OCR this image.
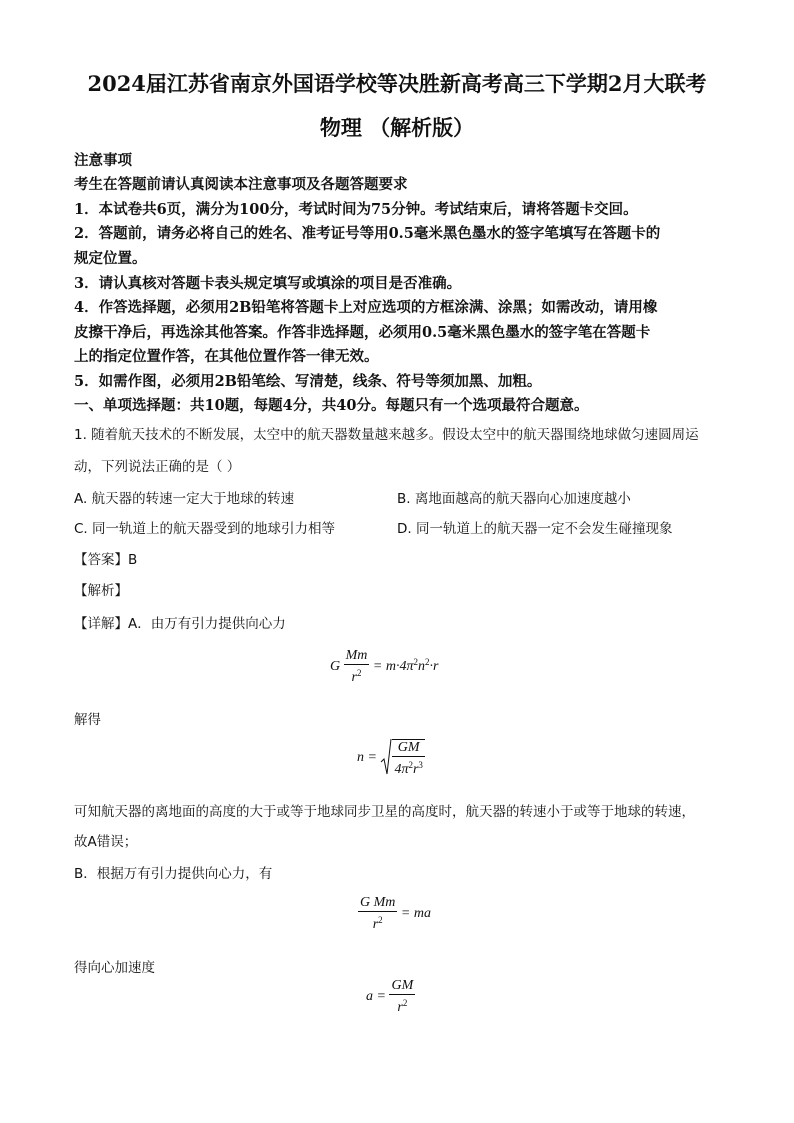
2024届江苏省南京外国语学校等决胜新高考高三下学期2月大联考
物理 （解析版）
注意事项
考生在答题前请认真阅读本注意事项及各题答题要求
1．本试卷共6页，满分为100分，考试时间为75分钟。考试结束后，请将答题卡交回。
2．答题前，请务必将自己的姓名、准考证号等用0.5毫米黑色墨水的签字笔填写在答题卡的
规定位置。
3．请认真核对答题卡表头规定填写或填涂的项目是否准确。
4．作答选择题，必须用2B铅笔将答题卡上对应选项的方框涂满、涂黑；如需改动，请用橡
皮擦干净后，再选涂其他答案。作答非选择题，必须用0.5毫米黑色墨水的签字笔在答题卡
上的指定位置作答，在其他位置作答一律无效。
5．如需作图，必须用2B铅笔绘、写清楚，线条、符号等须加黑、加粗。
一、单项选择题：共10题，每题4分，共40分。每题只有一个选项最符合题意。
1. 随着航天技术的不断发展，太空中的航天器数量越来越多。假设太空中的航天器围绕地球做匀速圆周运
动，下列说法正确的是（ ）
A. 航天器的转速一定大于地球的转速	B. 离地面越高的航天器向心加速度越小
C. 同一轨道上的航天器受到的地球引力相等	D. 同一轨道上的航天器一定不会发生碰撞现象
【答案】B
【解析】
【详解】A．由万有引力提供向心力
G $\frac{Mm}{r^2} = m\cdot 4\pi^2n^2\cdot r$
解得
$n = \frac{GM}{4\pi^2r^3}$
可知航天器的离地面的高度的大于或等于地球同步卫星的高度时，航天器的转速小于或等于地球的转速，
故A错误；
B．根据万有引力提供向心力，有
$\frac{\text{G Mm}}{r^2}$ = ma
得向心加速度
$a = \frac{GM}{r^2}$
